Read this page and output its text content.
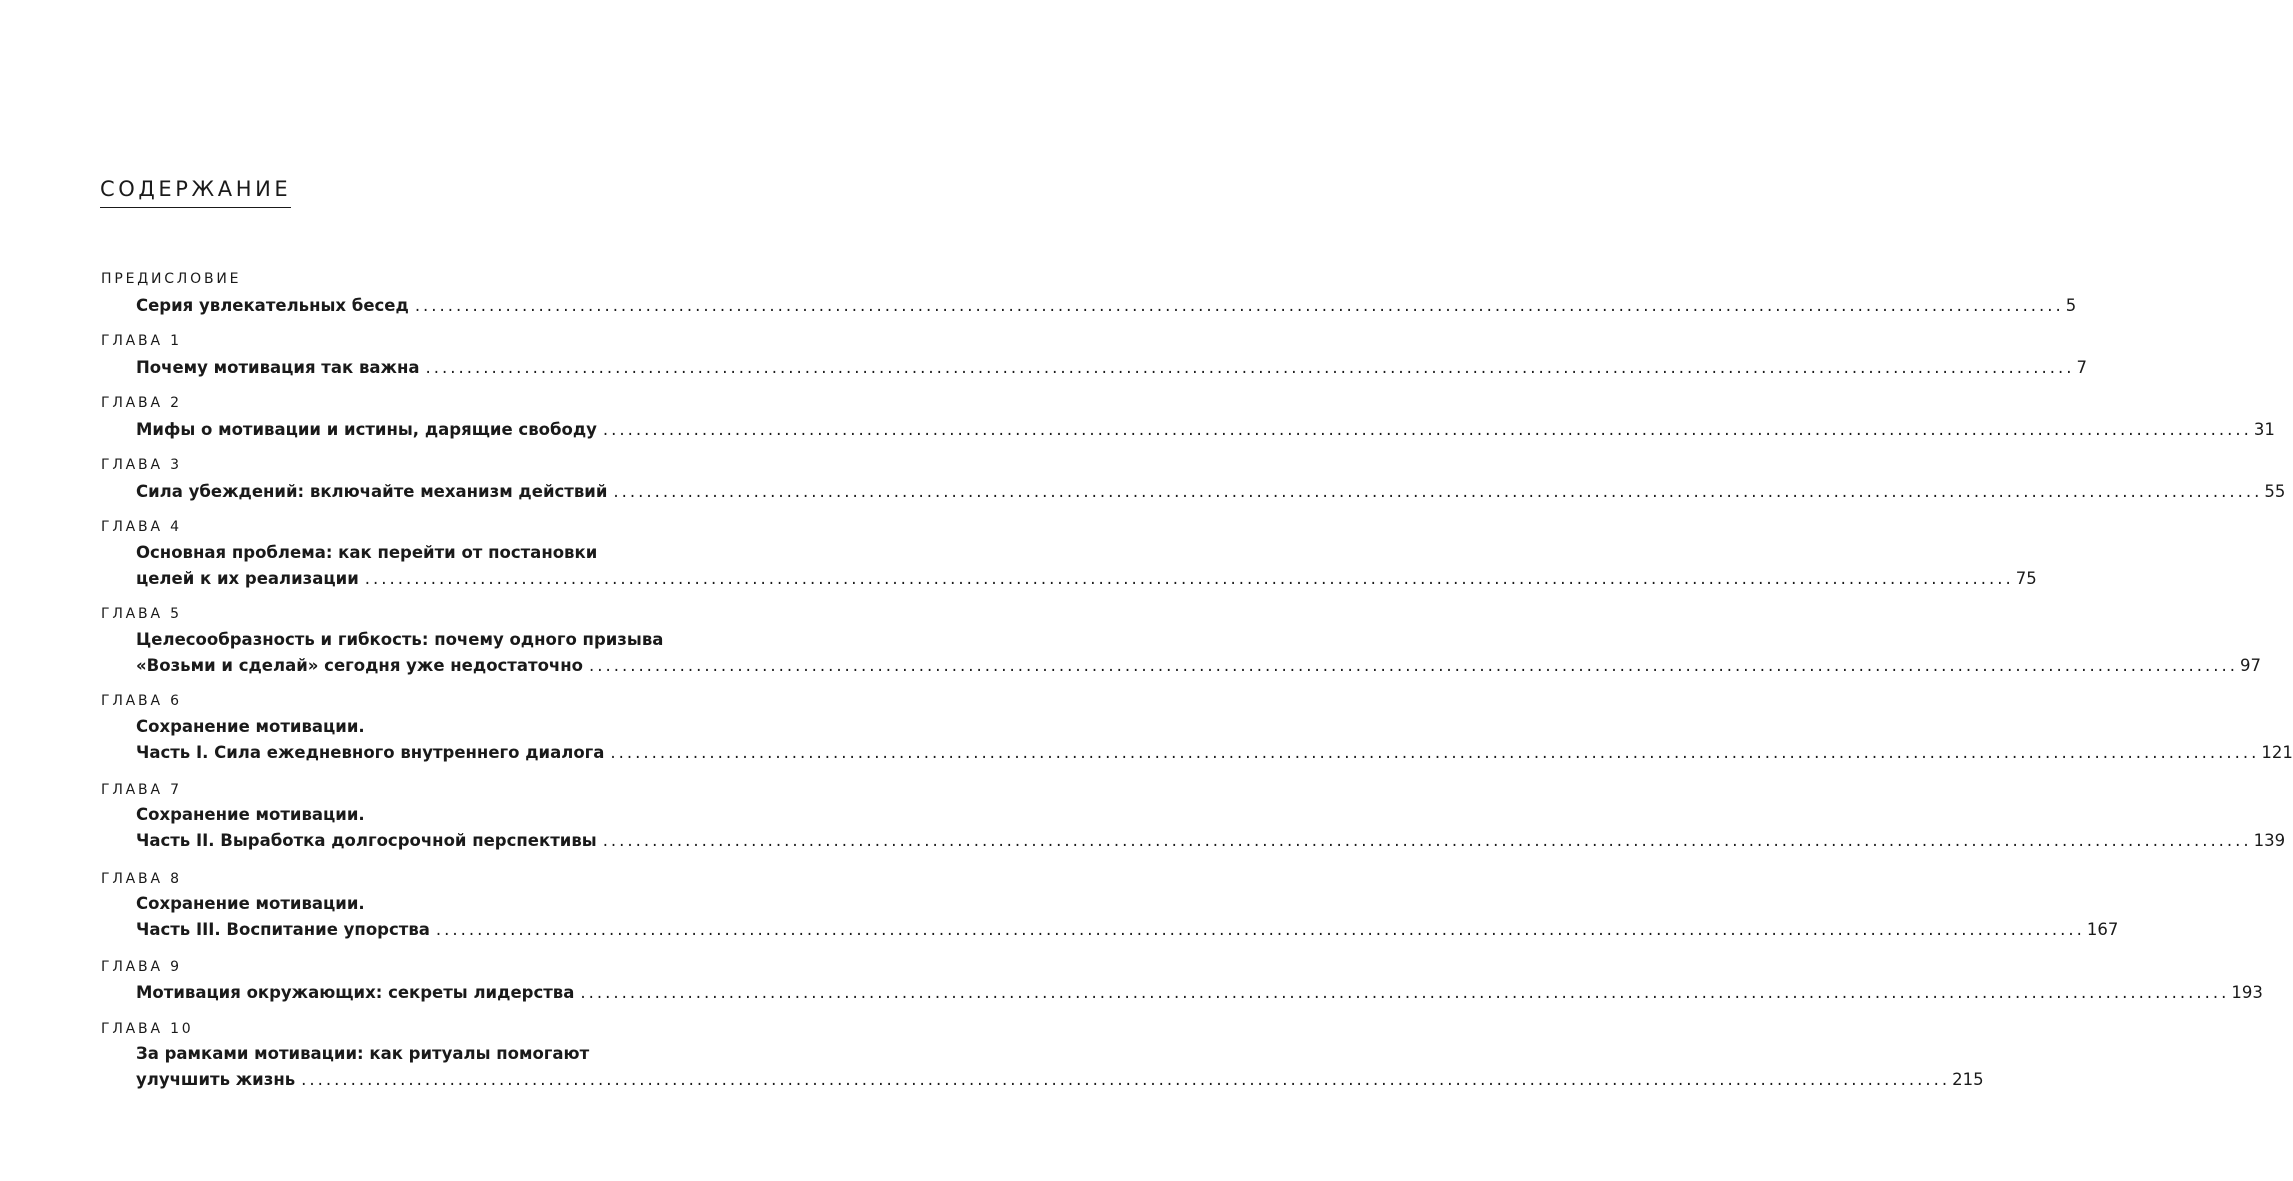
СОДЕРЖАНИЕ
ПРЕДИСЛОВИЕ
Серия увлекательных бесед ........................................................................................................................................................................................................ 5
ГЛАВА 1
Почему мотивация так важна ........................................................................................................................................................................................................ 7
ГЛАВА 2
Мифы о мотивации и истины, дарящие свободу ........................................................................................................................................................................................................ 31
ГЛАВА 3
Сила убеждений: включайте механизм действий ........................................................................................................................................................................................................ 55
ГЛАВА 4
Основная проблема: как перейти от постановки
целей к их реализации ........................................................................................................................................................................................................ 75
ГЛАВА 5
Целесообразность и гибкость: почему одного призыва
«Возьми и сделай» сегодня уже недостаточно ........................................................................................................................................................................................................ 97
ГЛАВА 6
Сохранение мотивации.
Часть I. Сила ежедневного внутреннего диалога ........................................................................................................................................................................................................ 121
ГЛАВА 7
Сохранение мотивации.
Часть II. Выработка долгосрочной перспективы ........................................................................................................................................................................................................ 139
ГЛАВА 8
Сохранение мотивации.
Часть III. Воспитание упорства ........................................................................................................................................................................................................ 167
ГЛАВА 9
Мотивация окружающих: секреты лидерства ........................................................................................................................................................................................................ 193
ГЛАВА 10
За рамками мотивации: как ритуалы помогают
улучшить жизнь ........................................................................................................................................................................................................ 215
